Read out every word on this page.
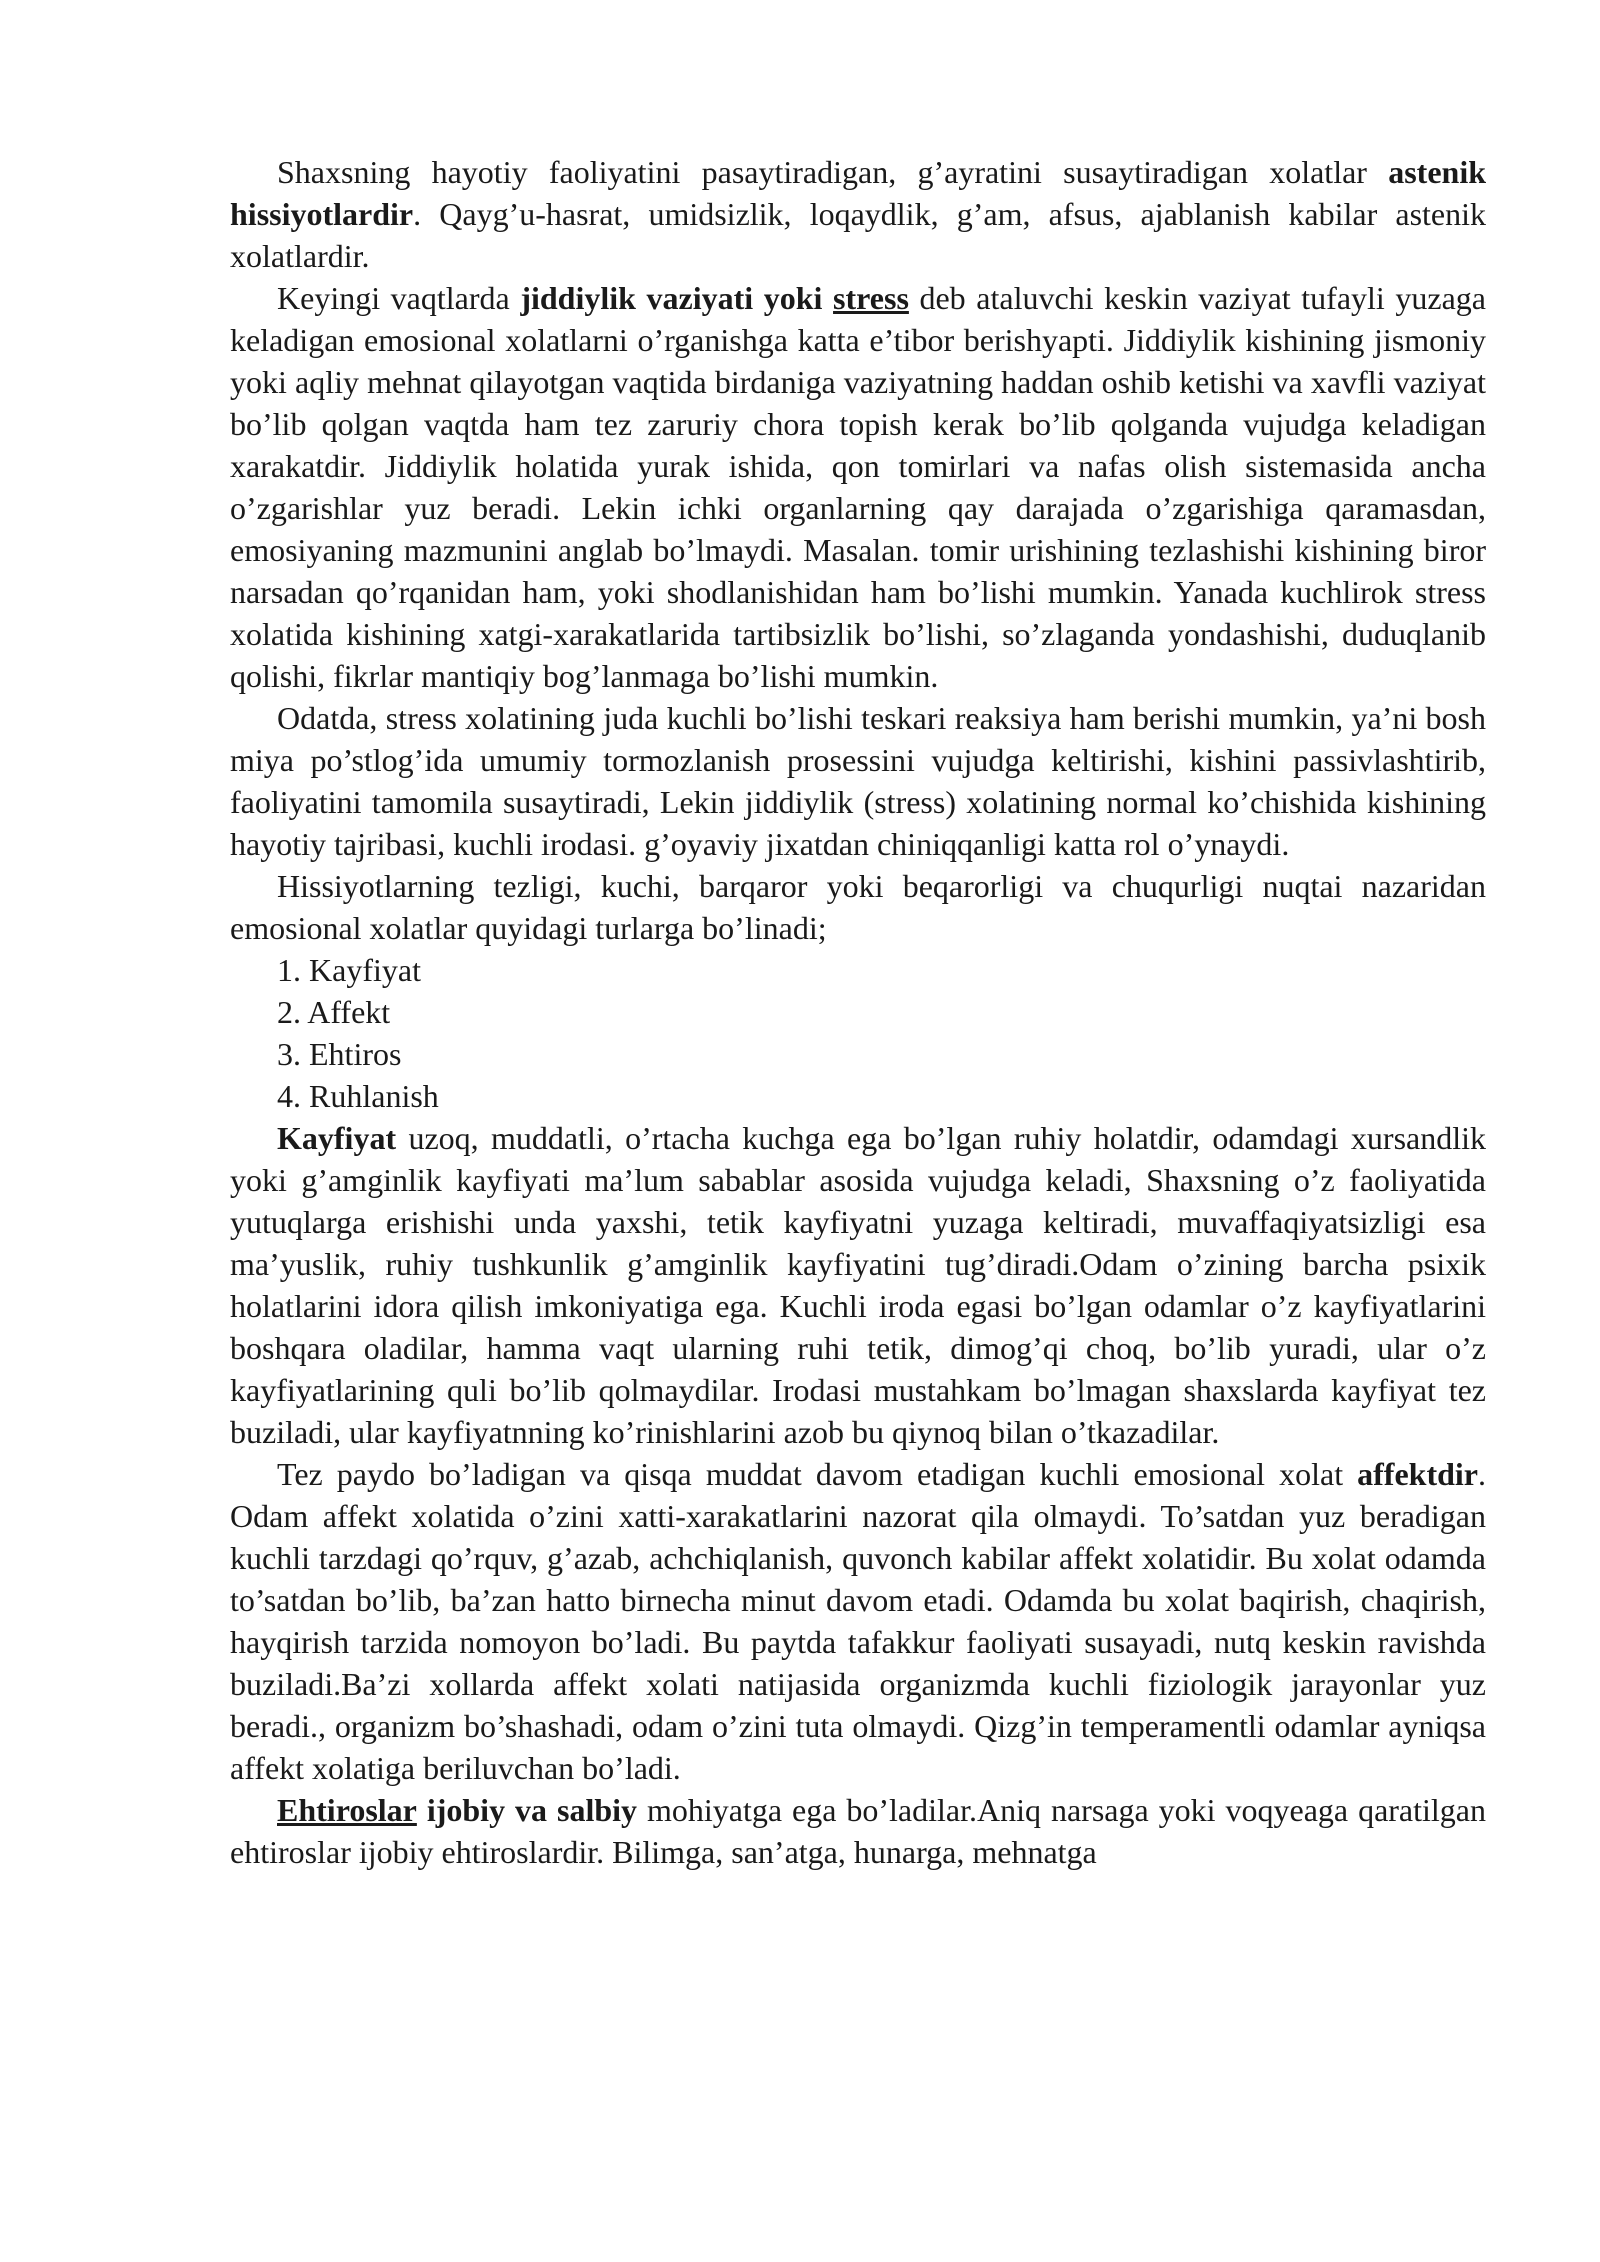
Shaxsning hayotiy faoliyatini pasaytiradigan, g’ayratini susaytiradigan xolatlar astenik hissiyotlardir. Qayg’u-hasrat, umidsizlik, loqaydlik, g’am, afsus, ajablanish kabilar astenik xolatlardir.

Keyingi vaqtlarda jiddiylik vaziyati yoki stress deb ataluvchi keskin vaziyat tufayli yuzaga keladigan emosional xolatlarni o’rganishga katta e’tibor berishyapti. Jiddiylik kishining jismoniy yoki aqliy mehnat qilayotgan vaqtida birdaniga vaziyatning haddan oshib ketishi va xavfli vaziyat bo’lib qolgan vaqtda ham tez zaruriy chora topish kerak bo’lib qolganda vujudga keladigan xarakatdir. Jiddiylik holatida yurak ishida, qon tomirlari va nafas olish sistemasida ancha o’zgarishlar yuz beradi. Lekin ichki organlarning qay darajada o’zgarishiga qaramasdan, emosiyaning mazmunini anglab bo’lmaydi. Masalan. tomir urishining tezlashishi kishining biror narsadan qo’rqanidan ham, yoki shodlanishidan ham bo’lishi mumkin. Yanada kuchlirok stress xolatida kishining xatgi-xarakatlarida tartibsizlik bo’lishi, so’zlaganda yondashishi, duduqlanib qolishi, fikrlar mantiqiy bog’lanmaga bo’lishi mumkin.

Odatda, stress xolatining juda kuchli bo’lishi teskari reaksiya ham berishi mumkin, ya’ni bosh miya po’stlog’ida umumiy tormozlanish prosessini vujudga keltirishi, kishini passivlashtirib, faoliyatini tamomila susaytiradi, Lekin jiddiylik (stress) xolatining normal ko’chishida kishining hayotiy tajribasi, kuchli irodasi. g’oyaviy jixatdan chiniqqanligi katta rol o’ynaydi.

Hissiyotlarning tezligi, kuchi, barqaror yoki beqarorligi va chuqurligi nuqtai nazaridan emosional xolatlar quyidagi turlarga bo’linadi;

1. Kayfiyat

2. Affekt

3. Ehtiros

4. Ruhlanish

Kayfiyat uzoq, muddatli, o’rtacha kuchga ega bo’lgan ruhiy holatdir, odamdagi xursandlik yoki g’amginlik kayfiyati ma’lum sabablar asosida vujudga keladi, Shaxsning o’z faoliyatida yutuqlarga erishishi unda yaxshi, tetik kayfiyatni yuzaga keltiradi, muvaffaqiyatsizligi esa ma’yuslik, ruhiy tushkunlik g’amginlik kayfiyatini tug’diradi.Odam o’zining barcha psixik holatlarini idora qilish imkoniyatiga ega. Kuchli iroda egasi bo’lgan odamlar o’z kayfiyatlarini boshqara oladilar, hamma vaqt ularning ruhi tetik, dimog’qi choq, bo’lib yuradi, ular o’z kayfiyatlarining quli bo’lib qolmaydilar. Irodasi mustahkam bo’lmagan shaxslarda kayfiyat tez buziladi, ular kayfiyatnning ko’rinishlarini azob bu qiynoq bilan o’tkazadilar.

Tez paydo bo’ladigan va qisqa muddat davom etadigan kuchli emosional xolat affektdir. Odam affekt xolatida o’zini xatti-xarakatlarini nazorat qila olmaydi. To’satdan yuz beradigan kuchli tarzdagi qo’rquv, g’azab, achchiqlanish, quvonch kabilar affekt xolatidir. Bu xolat odamda to’satdan bo’lib, ba’zan hatto birnecha minut davom etadi. Odamda bu xolat baqirish, chaqirish, hayqirish tarzida nomoyon bo’ladi. Bu paytda tafakkur faoliyati susayadi, nutq keskin ravishda buziladi.Ba’zi xollarda affekt xolati natijasida organizmda kuchli fiziologik jarayonlar yuz beradi., organizm bo’shashadi, odam o’zini tuta olmaydi. Qizg’in temperamentli odamlar ayniqsa affekt xolatiga beriluvchan bo’ladi.

Ehtiroslar ijobiy va salbiy mohiyatga ega bo’ladilar.Aniq narsaga yoki voqyeaga qaratilgan ehtiroslar ijobiy ehtiroslardir. Bilimga, san’atga, hunarga, mehnatga
